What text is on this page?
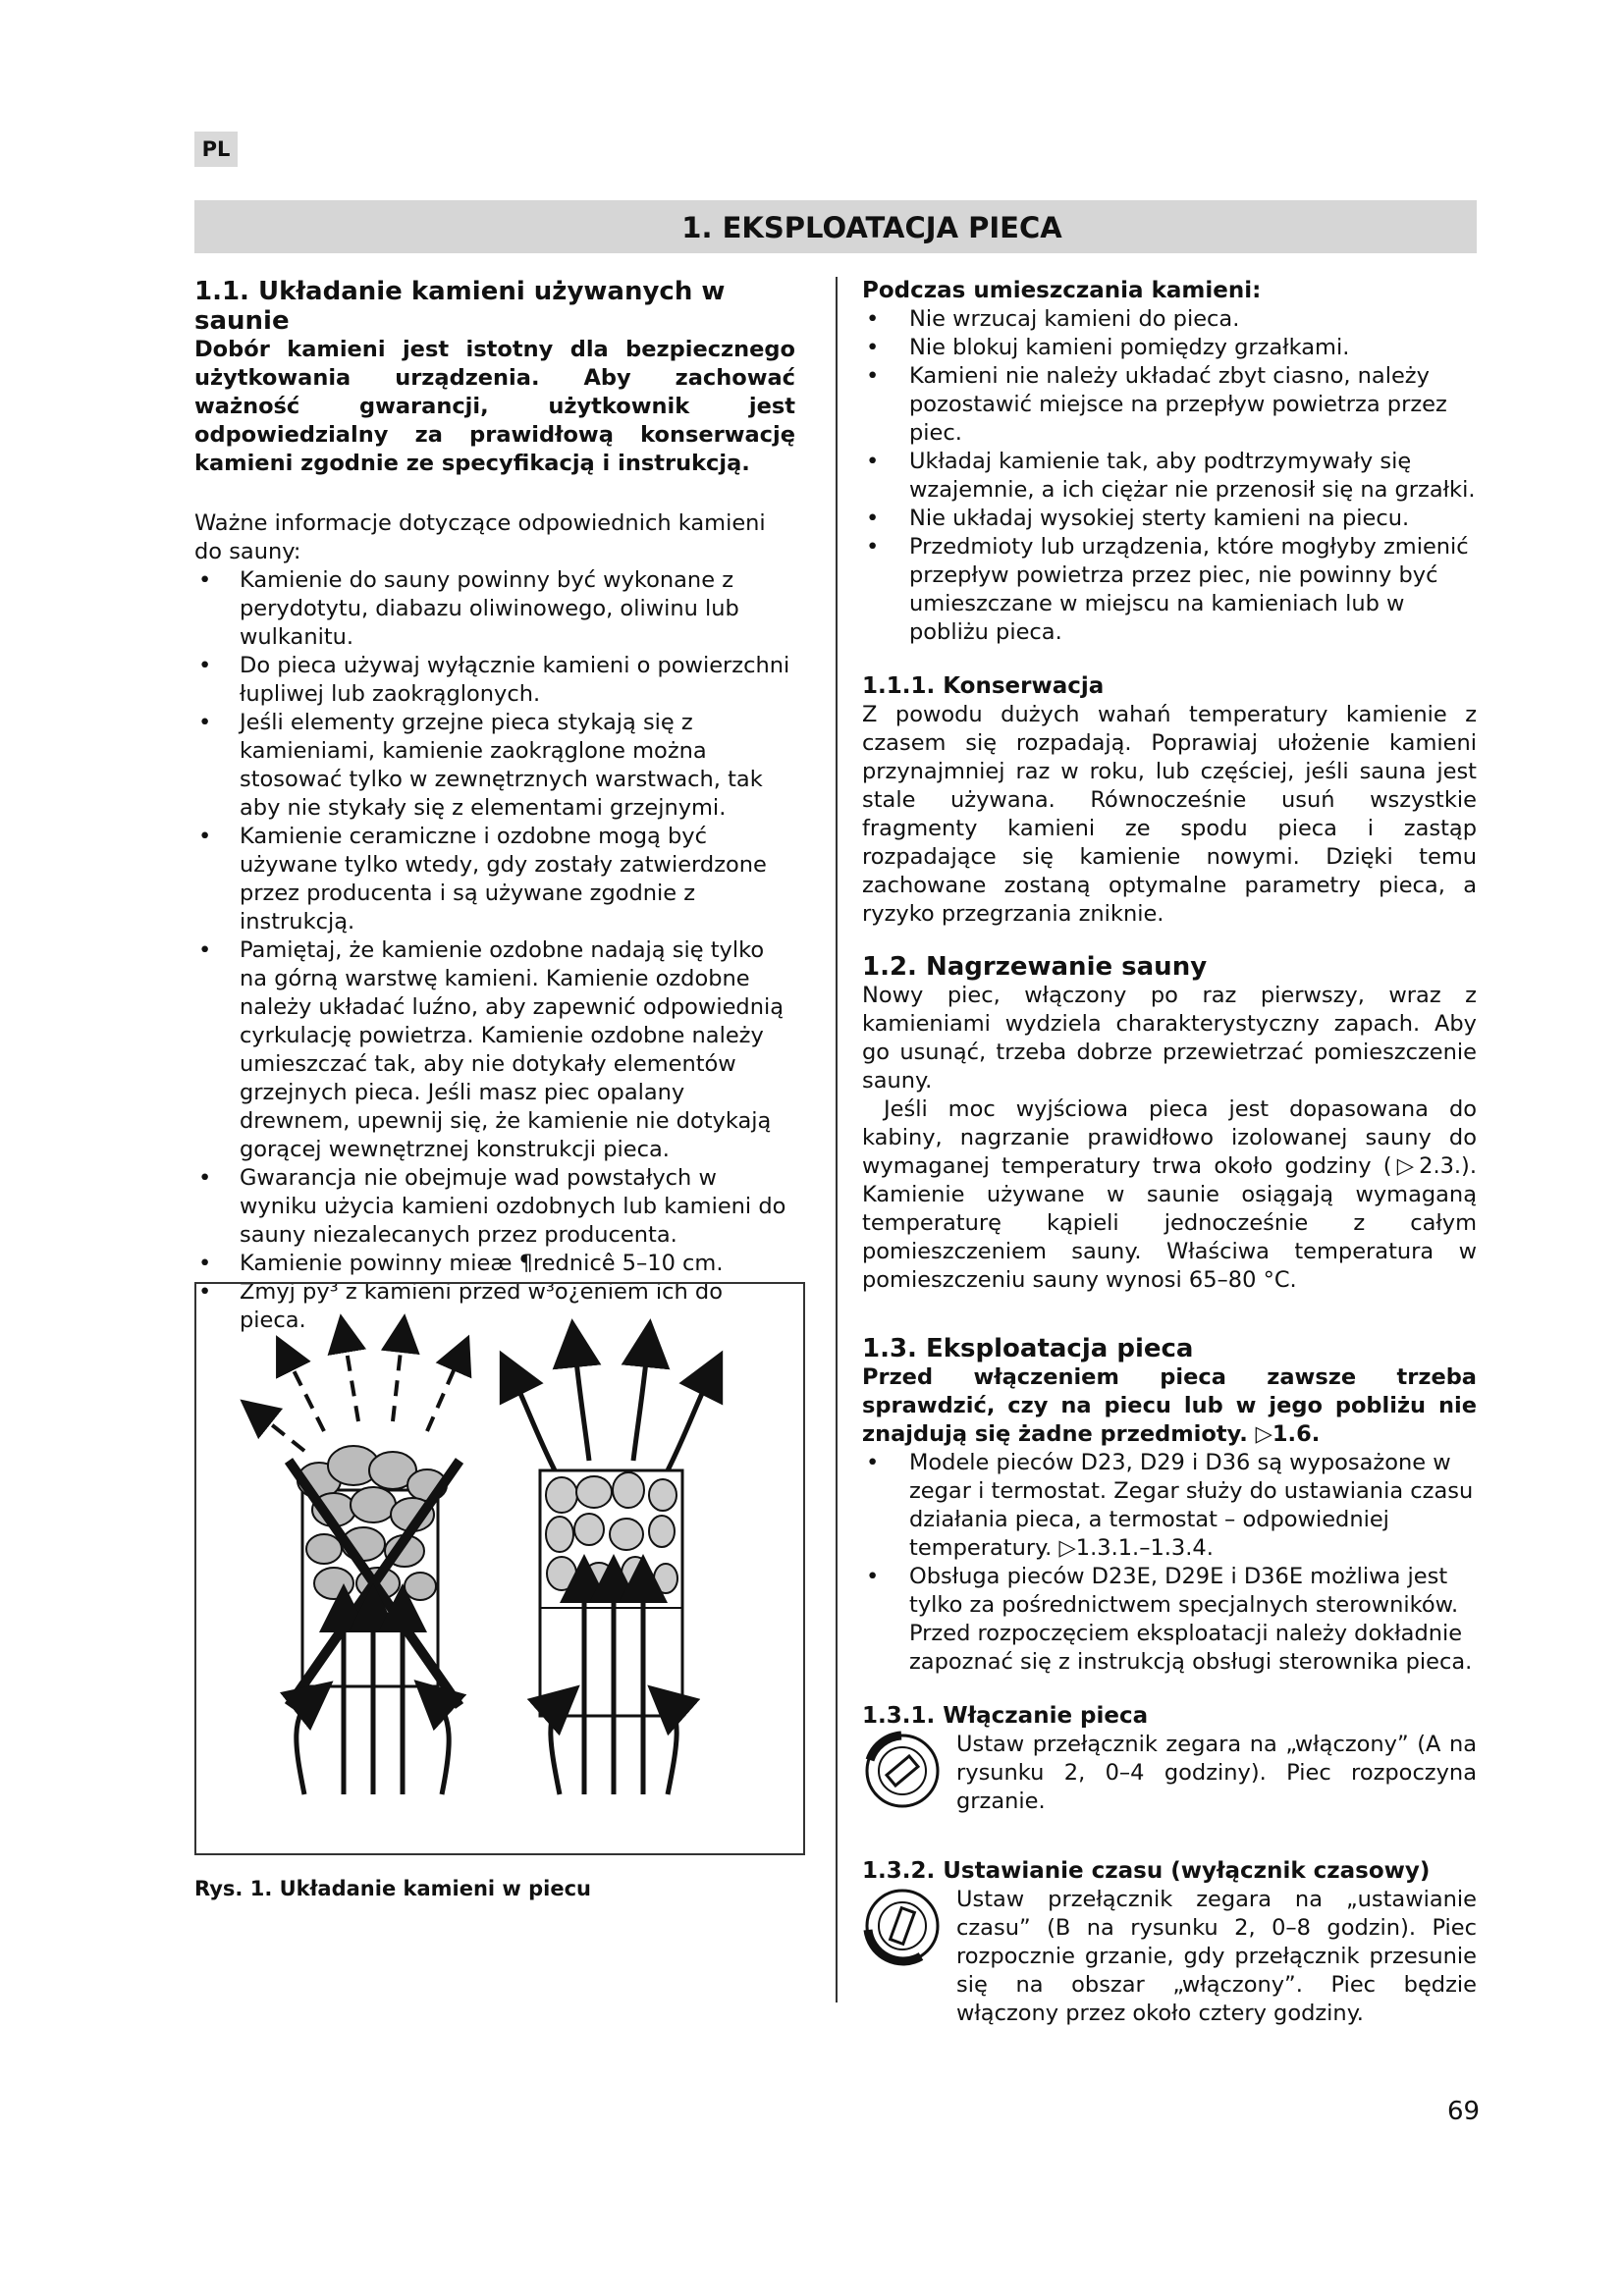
PL
1. EKSPLOATACJA PIECA
1.1. Układanie kamieni używanych w saunie

Dobór kamieni jest istotny dla bezpiecznego użytkowania urządzenia. Aby zachować ważność gwarancji, użytkownik jest odpowiedzialny za prawidłową konserwację kamieni zgodnie ze specyfikacją i instrukcją.

Ważne informacje dotyczące odpowiednich kamieni do sauny:

• Kamienie do sauny powinny być wykonane z perydotytu, diabazu oliwinowego, oliwinu lub wulkanitu.
• Do pieca używaj wyłącznie kamieni o powierzchni łupliwej lub zaokrąglonych.
• Jeśli elementy grzejne pieca stykają się z kamieniami, kamienie zaokrąglone można stosować tylko w zewnętrznych warstwach, tak aby nie stykały się z elementami grzejnymi.
• Kamienie ceramiczne i ozdobne mogą być używane tylko wtedy, gdy zostały zatwierdzone przez producenta i są używane zgodnie z instrukcją.
• Pamiętaj, że kamienie ozdobne nadają się tylko na górną warstwę kamieni. Kamienie ozdobne należy układać luźno, aby zapewnić odpowiednią cyrkulację powietrza. Kamienie ozdobne należy umieszczać tak, aby nie dotykały elementów grzejnych pieca. Jeśli masz piec opalany drewnem, upewnij się, że kamienie nie dotykają gorącej wewnętrznej konstrukcji pieca.
• Gwarancja nie obejmuje wad powstałych w wyniku użycia kamieni ozdobnych lub kamieni do sauny niezalecanych przez producenta.
• Kamienie powinny mieæ ¶rednicê 5–10 cm.
• Zmyj py³ z kamieni przed w³o¿eniem ich do pieca.
Rys. 1. Układanie kamieni w piecu
Podczas umieszczania kamieni:
• Nie wrzucaj kamieni do pieca.
• Nie blokuj kamieni pomiędzy grzałkami.
• Kamieni nie należy układać zbyt ciasno, należy pozostawić miejsce na przepływ powietrza przez piec.
• Układaj kamienie tak, aby podtrzymywały się wzajemnie, a ich ciężar nie przenosił się na grzałki.
• Nie układaj wysokiej sterty kamieni na piecu.
• Przedmioty lub urządzenia, które mogłyby zmienić przepływ powietrza przez piec, nie powinny być umieszczane w miejscu na kamieniach lub w pobliżu pieca.
1.1.1. Konserwacja

Z powodu dużych wahań temperatury kamienie z czasem się rozpadają. Poprawiaj ułożenie kamieni przynajmniej raz w roku, lub częściej, jeśli sauna jest stale używana. Równocześnie usuń wszystkie fragmenty kamieni ze spodu pieca i zastąp rozpadające się kamienie nowymi. Dzięki temu zachowane zostaną optymalne parametry pieca, a ryzyko przegrzania zniknie.

1.2. Nagrzewanie sauny

Nowy piec, włączony po raz pierwszy, wraz z kamieniami wydziela charakterystyczny zapach. Aby go usunąć, trzeba dobrze przewietrzać pomieszczenie sauny.

Jeśli moc wyjściowa pieca jest dopasowana do kabiny, nagrzanie prawidłowo izolowanej sauny do wymaganej temperatury trwa około godziny (▷2.3.). Kamienie używane w saunie osiągają wymaganą temperaturę kąpieli jednocześnie z całym pomieszczeniem sauny. Właściwa temperatura w pomieszczeniu sauny wynosi 65–80 °C.

1.3. Eksploatacja pieca

Przed włączeniem pieca zawsze trzeba sprawdzić, czy na piecu lub w jego pobliżu nie znajdują się żadne przedmioty. ▷1.6.

• Modele pieców D23, D29 i D36 są wyposażone w zegar i termostat. Zegar służy do ustawiania czasu działania pieca, a termostat – odpowiedniej temperatury. ▷1.3.1.–1.3.4.
• Obsługa pieców D23E, D29E i D36E możliwa jest tylko za pośrednictwem specjalnych sterowników. Przed rozpoczęciem eksploatacji należy dokładnie zapoznać się z instrukcją obsługi sterownika pieca.
1.3.1. Włączanie pieca

Ustaw przełącznik zegara na „włączony” (A na rysunku 2, 0–4 godziny). Piec rozpoczyna grzanie.

1.3.2. Ustawianie czasu (wyłącznik czasowy)

Ustaw przełącznik zegara na „ustawianie czasu” (B na rysunku 2, 0–8 godzin). Piec rozpocznie grzanie, gdy przełącznik przesunie się na obszar „włączony”. Piec będzie włączony przez około cztery godziny.

69
